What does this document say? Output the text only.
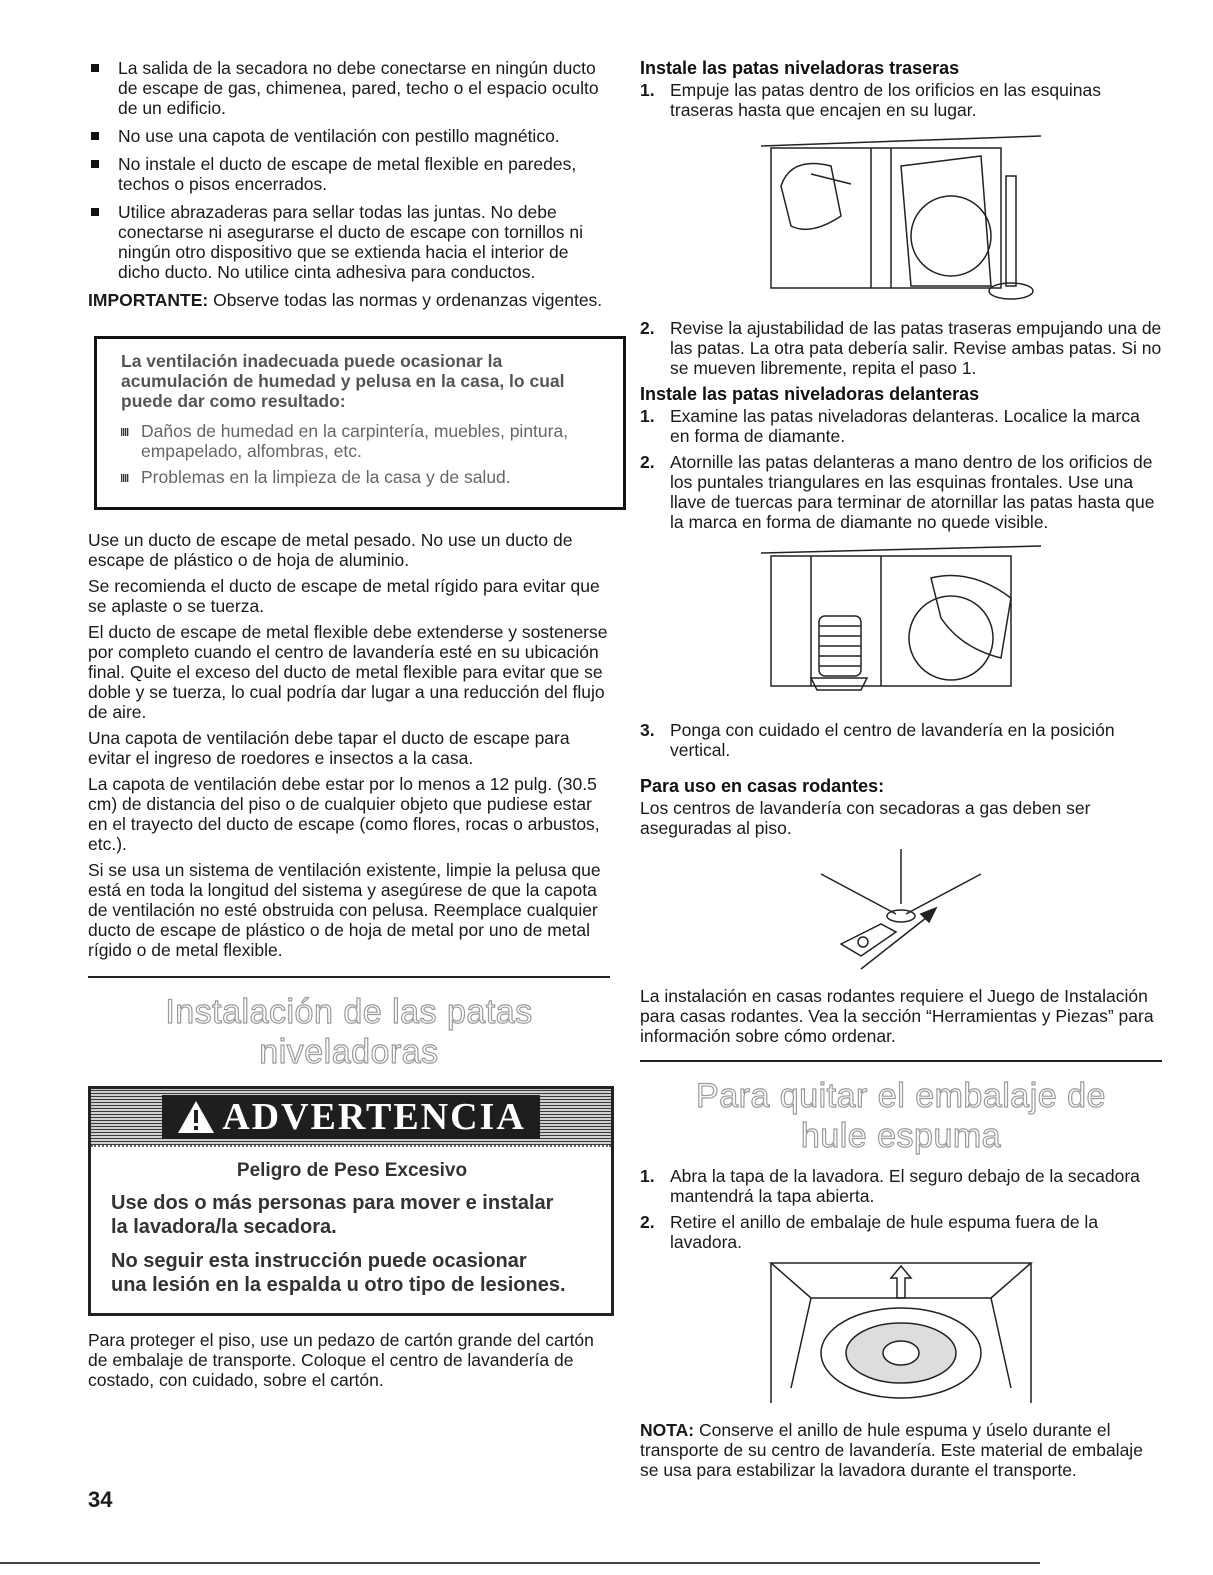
La salida de la secadora no debe conectarse en ningún ducto de escape de gas, chimenea, pared, techo o el espacio oculto de un edificio.
No use una capota de ventilación con pestillo magnético.
No instale el ducto de escape de metal flexible en paredes, techos o pisos encerrados.
Utilice abrazaderas para sellar todas las juntas. No debe conectarse ni asegurarse el ducto de escape con tornillos ni ningún otro dispositivo que se extienda hacia el interior de dicho ducto. No utilice cinta adhesiva para conductos.

IMPORTANTE: Observe todas las normas y ordenanzas vigentes.

La ventilación inadecuada puede ocasionar la acumulación de humedad y pelusa en la casa, lo cual puede dar como resultado:
Daños de humedad en la carpintería, muebles, pintura, empapelado, alfombras, etc.
Problemas en la limpieza de la casa y de salud.

Use un ducto de escape de metal pesado. No use un ducto de escape de plástico o de hoja de aluminio.

Se recomienda el ducto de escape de metal rígido para evitar que se aplaste o se tuerza.

El ducto de escape de metal flexible debe extenderse y sostenerse por completo cuando el centro de lavandería esté en su ubicación final. Quite el exceso del ducto de metal flexible para evitar que se doble y se tuerza, lo cual podría dar lugar a una reducción del flujo de aire.

Una capota de ventilación debe tapar el ducto de escape para evitar el ingreso de roedores e insectos a la casa.

La capota de ventilación debe estar por lo menos a 12 pulg. (30.5 cm) de distancia del piso o de cualquier objeto que pudiese estar en el trayecto del ducto de escape (como flores, rocas o arbustos, etc.).

Si se usa un sistema de ventilación existente, limpie la pelusa que está en toda la longitud del sistema y asegúrese de que la capota de ventilación no esté obstruida con pelusa. Reemplace cualquier ducto de escape de plástico o de hoja de metal por uno de metal rígido o de metal flexible.

Instalación de las patas niveladoras
ADVERTENCIA
Peligro de Peso Excesivo
Use dos o más personas para mover e instalar
la lavadora/la secadora.
No seguir esta instrucción puede ocasionar
una lesión en la espalda u otro tipo de lesiones.

Para proteger el piso, use un pedazo de cartón grande del cartón de embalaje de transporte. Coloque el centro de lavandería de costado, con cuidado, sobre el cartón.

Instale las patas niveladoras traseras
1. Empuje las patas dentro de los orificios en las esquinas traseras hasta que encajen en su lugar.
2. Revise la ajustabilidad de las patas traseras empujando una de las patas. La otra pata debería salir. Revise ambas patas. Si no se mueven libremente, repita el paso 1.
Instale las patas niveladoras delanteras
1. Examine las patas niveladoras delanteras. Localice la marca en forma de diamante.
2. Atornille las patas delanteras a mano dentro de los orificios de los puntales triangulares en las esquinas frontales. Use una llave de tuercas para terminar de atornillar las patas hasta que la marca en forma de diamante no quede visible.
3. Ponga con cuidado el centro de lavandería en la posición vertical.
Para uso en casas rodantes:

Los centros de lavandería con secadoras a gas deben ser aseguradas al piso.

La instalación en casas rodantes requiere el Juego de Instalación para casas rodantes. Vea la sección “Herramientas y Piezas” para información sobre cómo ordenar.

Para quitar el embalaje de
hule espuma
1. Abra la tapa de la lavadora. El seguro debajo de la secadora mantendrá la tapa abierta.
2. Retire el anillo de embalaje de hule espuma fuera de la lavadora.

NOTA: Conserve el anillo de hule espuma y úselo durante el transporte de su centro de lavandería. Este material de embalaje se usa para estabilizar la lavadora durante el transporte.

34
